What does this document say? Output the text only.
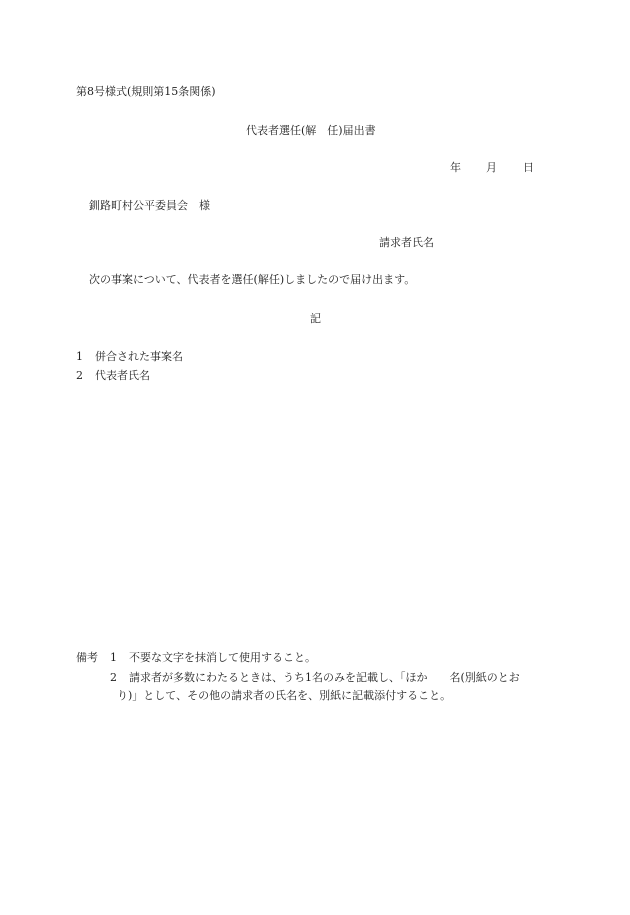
第8号様式(規則第15条関係)
代表者選任(解　任)届出書
年 月 日
釧路町村公平委員会　様
請求者氏名
次の事案について、代表者を選任(解任)しましたので届け出ます。
記
1 併合された事案名
2 代表者氏名
備考 1 不要な文字を抹消して使用すること。
2 請求者が多数にわたるときは、うち1名のみを記載し、「ほか　　名(別紙のとお
り)」として、その他の請求者の氏名を、別紙に記載添付すること。
